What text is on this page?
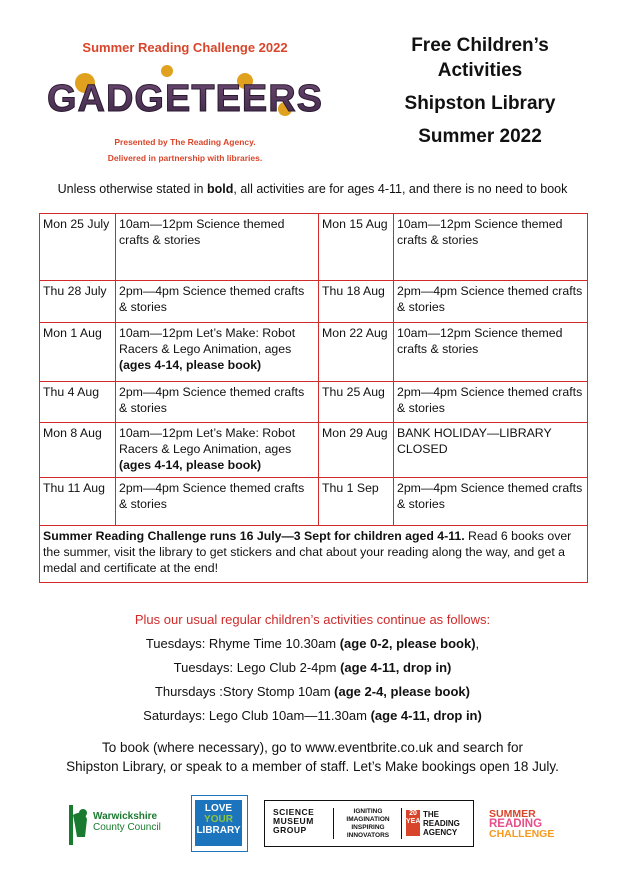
Summer Reading Challenge 2022
GADGETEERS
Presented by The Reading Agency.
Delivered in partnership with libraries.
Free Children’s
Activities
Shipston Library
Summer 2022
Unless otherwise stated in bold, all activities are for ages 4-11, and there is no need to book
Mon 25 July	10am—12pm Science themed crafts & stories	Mon 15 Aug	10am—12pm Science themed crafts & stories
Thu 28 July	2pm—4pm Science themed crafts & stories	Thu 18 Aug	2pm—4pm Science themed crafts & stories
Mon 1 Aug	10am—12pm Let’s Make: Robot Racers & Lego Animation, ages (ages 4-14, please book)	Mon 22 Aug	10am—12pm Science themed crafts & stories
Thu 4 Aug	2pm—4pm Science themed crafts & stories	Thu 25 Aug	2pm—4pm Science themed crafts & stories
Mon 8 Aug	10am—12pm Let’s Make: Robot Racers & Lego Animation, ages (ages 4-14, please book)	Mon 29 Aug	BANK HOLIDAY—LIBRARY CLOSED
Thu 11 Aug	2pm—4pm Science themed crafts & stories	Thu 1 Sep	2pm—4pm Science themed crafts & stories
Summer Reading Challenge runs 16 July—3 Sept for children aged 4-11. Read 6 books over the summer, visit the library to get stickers and chat about your reading along the way, and get a medal and certificate at the end!			
Plus our usual regular children’s activities continue as follows:
Tuesdays: Rhyme Time 10.30am (age 0-2, please book),
Tuesdays: Lego Club 2-4pm (age 4-11, drop in)
Thursdays :Story Stomp 10am (age 2-4, please book)
Saturdays: Lego Club 10am—11.30am (age 4-11, drop in)
To book (where necessary), go to www.eventbrite.co.uk and search for
Shipston Library, or speak to a member of staff. Let’s Make bookings open 18 July.
Warwickshire
County Council
LOVE
YOUR
LIBRARY
SCIENCE
MUSEUM
GROUP
IGNITING
IMAGINATION
INSPIRING
INNOVATORS
20 YEARS
THE
READING
AGENCY
SUMMER
READING
CHALLENGE
